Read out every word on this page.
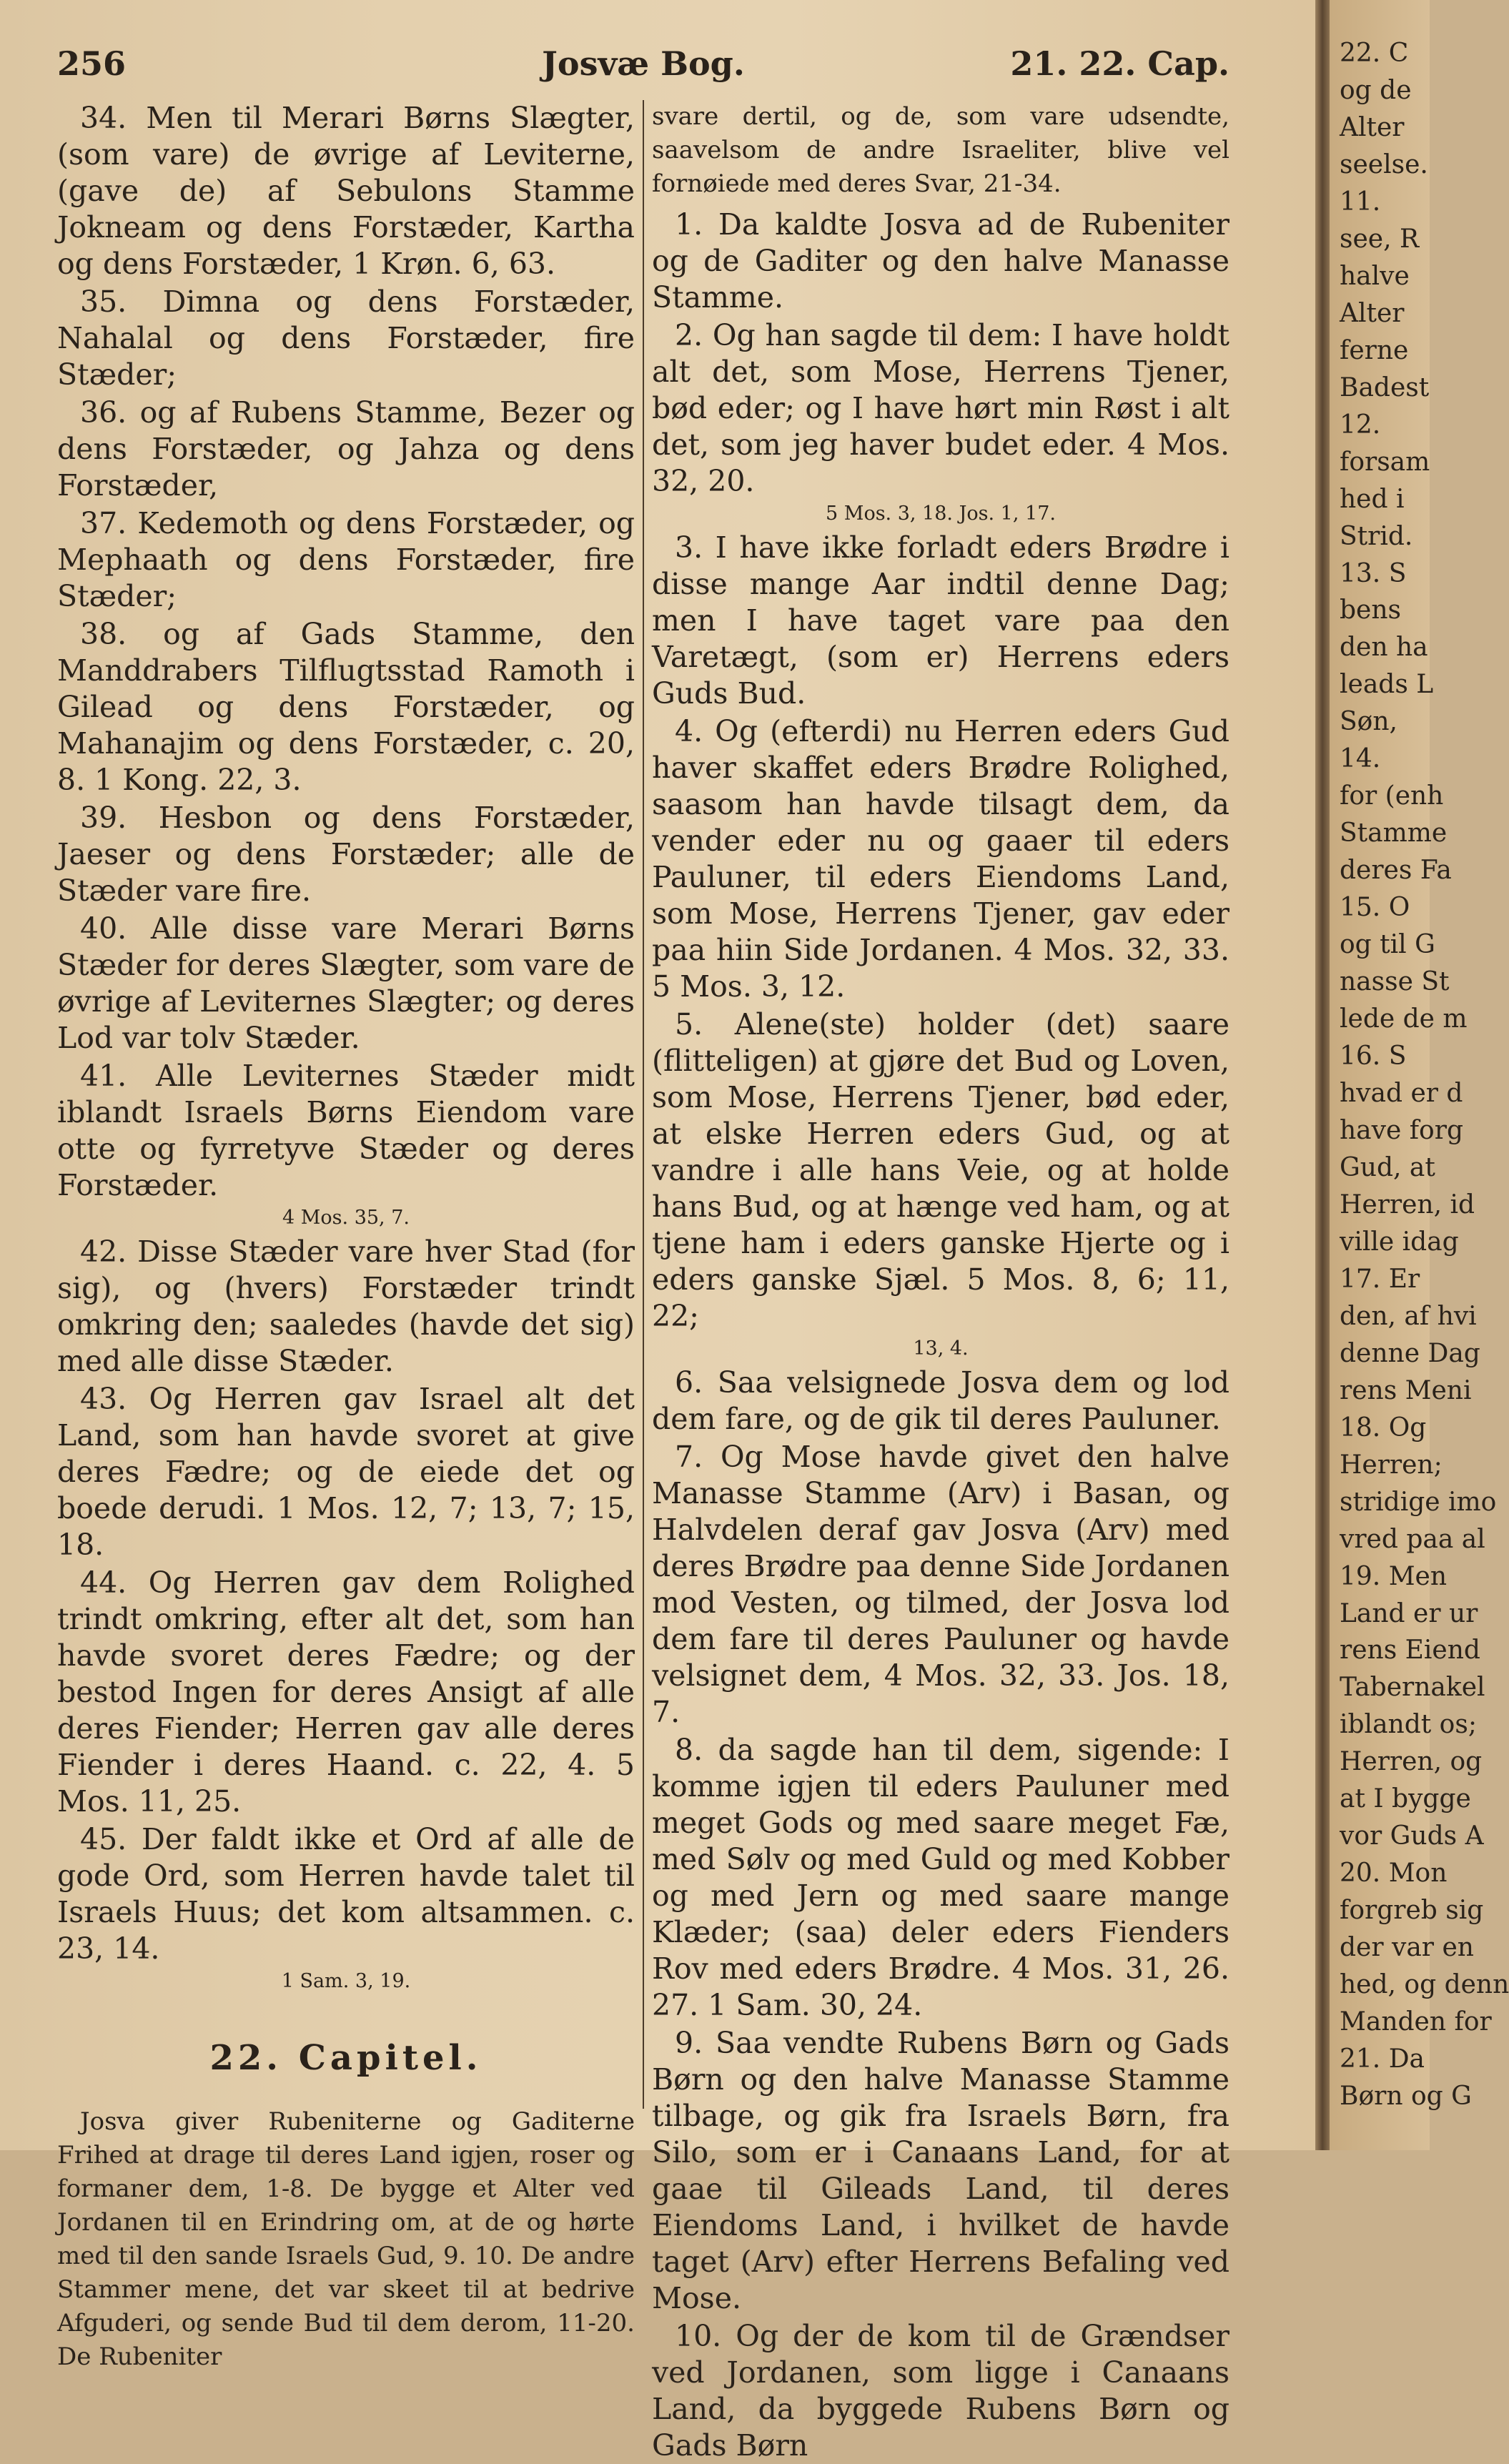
256	Josvæ Bog.	21. 22. Cap.

34. Men til Merari Børns Slægter, (som vare) de øvrige af Leviterne, (gave de) af Sebulons Stamme Jokneam og dens Forstæder, Kartha og dens Forstæder, 1 Krøn. 6, 63.

35. Dimna og dens Forstæder, Nahalal og dens Forstæder, fire Stæder;

36. og af Rubens Stamme, Bezer og dens Forstæder, og Jahza og dens Forstæder,

37. Kedemoth og dens Forstæder, og Mephaath og dens Forstæder, fire Stæder;

38. og af Gads Stamme, den Manddrabers Tilflugtsstad Ramoth i Gilead og dens Forstæder, og Mahanajim og dens Forstæder, c. 20, 8. 1 Kong. 22, 3.

39. Hesbon og dens Forstæder, Jaeser og dens Forstæder; alle de Stæder vare fire.

40. Alle disse vare Merari Børns Stæder for deres Slægter, som vare de øvrige af Leviternes Slægter; og deres Lod var tolv Stæder.

41. Alle Leviternes Stæder midt iblandt Israels Børns Eiendom vare otte og fyrretyve Stæder og deres Forstæder.

4 Mos. 35, 7.

42. Disse Stæder vare hver Stad (for sig), og (hvers) Forstæder trindt omkring den; saaledes (havde det sig) med alle disse Stæder.

43. Og Herren gav Israel alt det Land, som han havde svoret at give deres Fædre; og de eiede det og boede derudi. 1 Mos. 12, 7; 13, 7; 15, 18.

44. Og Herren gav dem Rolighed trindt omkring, efter alt det, som han havde svoret deres Fædre; og der bestod Ingen for deres Ansigt af alle deres Fiender; Herren gav alle deres Fiender i deres Haand. c. 22, 4. 5 Mos. 11, 25.

45. Der faldt ikke et Ord af alle de gode Ord, som Herren havde talet til Israels Huus; det kom altsammen. c. 23, 14.

1 Sam. 3, 19.

22. Capitel.

Josva giver Rubeniterne og Gaditerne Frihed at drage til deres Land igjen, roser og formaner dem, 1-8. De bygge et Alter ved Jordanen til en Erindring om, at de og hørte med til den sande Israels Gud, 9. 10. De andre Stammer mene, det var skeet til at bedrive Afguderi, og sende Bud til dem derom, 11-20. De Rubeniter

svare dertil, og de, som vare udsendte, saavelsom de andre Israeliter, blive vel fornøiede med deres Svar, 21-34.

1. Da kaldte Josva ad de Rubeniter og de Gaditer og den halve Manasse Stamme.

2. Og han sagde til dem: I have holdt alt det, som Mose, Herrens Tjener, bød eder; og I have hørt min Røst i alt det, som jeg haver budet eder. 4 Mos. 32, 20.

5 Mos. 3, 18. Jos. 1, 17.

3. I have ikke forladt eders Brødre i disse mange Aar indtil denne Dag; men I have taget vare paa den Varetægt, (som er) Herrens eders Guds Bud.

4. Og (efterdi) nu Herren eders Gud haver skaffet eders Brødre Rolighed, saasom han havde tilsagt dem, da vender eder nu og gaaer til eders Pauluner, til eders Eiendoms Land, som Mose, Herrens Tjener, gav eder paa hiin Side Jordanen. 4 Mos. 32, 33. 5 Mos. 3, 12.

5. Alene(ste) holder (det) saare (flitteligen) at gjøre det Bud og Loven, som Mose, Herrens Tjener, bød eder, at elske Herren eders Gud, og at vandre i alle hans Veie, og at holde hans Bud, og at hænge ved ham, og at tjene ham i eders ganske Hjerte og i eders ganske Sjæl. 5 Mos. 8, 6; 11, 22;

13, 4.

6. Saa velsignede Josva dem og lod dem fare, og de gik til deres Pauluner.

7. Og Mose havde givet den halve Manasse Stamme (Arv) i Basan, og Halvdelen deraf gav Josva (Arv) med deres Brødre paa denne Side Jordanen mod Vesten, og tilmed, der Josva lod dem fare til deres Pauluner og havde velsignet dem, 4 Mos. 32, 33. Jos. 18, 7.

8. da sagde han til dem, sigende: I komme igjen til eders Pauluner med meget Gods og med saare meget Fæ, med Sølv og med Guld og med Kobber og med Jern og med saare mange Klæder; (saa) deler eders Fienders Rov med eders Brødre. 4 Mos. 31, 26. 27. 1 Sam. 30, 24.

9. Saa vendte Rubens Børn og Gads Børn og den halve Manasse Stamme tilbage, og gik fra Israels Børn, fra Silo, som er i Canaans Land, for at gaae til Gileads Land, til deres Eiendoms Land, i hvilket de havde taget (Arv) efter Herrens Befaling ved Mose.

10. Og der de kom til de Grændser ved Jordanen, som ligge i Canaans Land, da byggede Rubens Børn og Gads Børn

22. C
og de
Alter
seelse.
11.
see, R
halve
Alter
ferne
Badest
12.
forsam
hed i
Strid.
13. S
bens
den ha
leads L
Søn,
14.
for (enh
Stamme
deres Fa
15. O
og til G
nasse St
lede de m
16. S
hvad er d
have forg
Gud, at
Herren, id
ville idag
17. Er
den, af hvi
denne Dag
rens Meni
18. Og
Herren;
stridige imo
vred paa al
19. Men
Land er ur
rens Eiend
Tabernakel
iblandt os;
Herren, og
at I bygge
vor Guds A
20. Mon
forgreb sig
der var en
hed, og denn
Manden for
21. Da
Børn og G
